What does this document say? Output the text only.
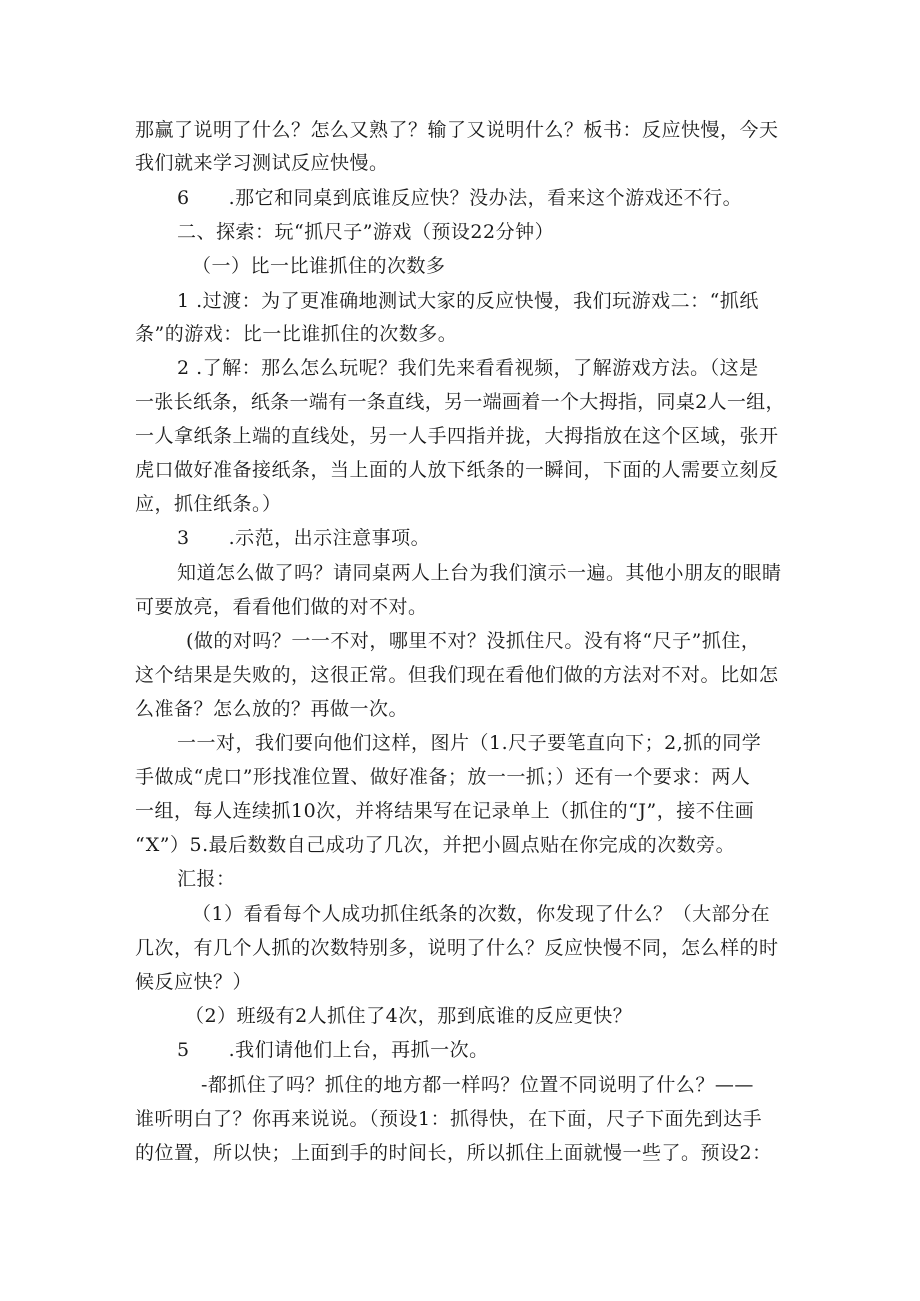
那赢了说明了什么？怎么又熟了？输了又说明什么？板书：反应快慢，今天
我们就来学习测试反应快慢。
6　　.那它和同桌到底谁反应快？没办法，看来这个游戏还不行。
二、探索：玩“抓尺子”游戏（预设22分钟）
（一）比一比谁抓住的次数多
1 .过渡：为了更准确地测试大家的反应快慢，我们玩游戏二：“抓纸
条”的游戏：比一比谁抓住的次数多。
2 .了解：那么怎么玩呢？我们先来看看视频，了解游戏方法。（这是
一张长纸条，纸条一端有一条直线，另一端画着一个大拇指，同桌2人一组，
一人拿纸条上端的直线处，另一人手四指并拢，大拇指放在这个区域，张开
虎口做好准备接纸条，当上面的人放下纸条的一瞬间，下面的人需要立刻反
应，抓住纸条。）
3　　.示范，出示注意事项。
知道怎么做了吗？请同桌两人上台为我们演示一遍。其他小朋友的眼睛
可要放亮，看看他们做的对不对。
(做的对吗？一一不对，哪里不对？没抓住尺。没有将“尺子”抓住，
这个结果是失败的，这很正常。但我们现在看他们做的方法对不对。比如怎
么准备？怎么放的？再做一次。
一一对，我们要向他们这样，图片（1.尺子要笔直向下；2,抓的同学
手做成“虎口”形找准位置、做好准备；放一一抓；）还有一个要求：两人
一组，每人连续抓10次，并将结果写在记录单上（抓住的“J”，接不住画
“X”）5.最后数数自己成功了几次，并把小圆点贴在你完成的次数旁。
汇报：
（1）看看每个人成功抓住纸条的次数，你发现了什么？（大部分在
几次，有几个人抓的次数特别多，说明了什么？反应快慢不同，怎么样的时
候反应快？）
（2）班级有2人抓住了4次，那到底谁的反应更快？
5　　.我们请他们上台，再抓一次。
-都抓住了吗？抓住的地方都一样吗？位置不同说明了什么？——
谁听明白了？你再来说说。（预设1：抓得快，在下面，尺子下面先到达手
的位置，所以快；上面到手的时间长，所以抓住上面就慢一些了。预设2：
